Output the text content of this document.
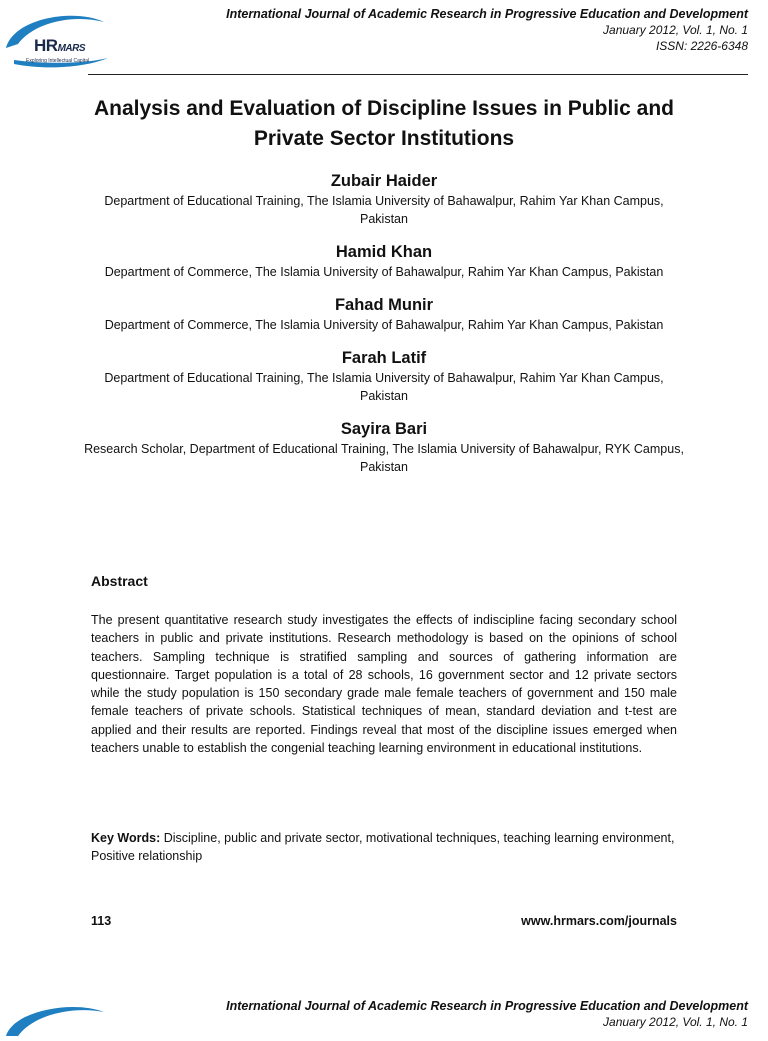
HRMARS
Exploring Intellectual Capital
International Journal of Academic Research in Progressive Education and Development
January 2012, Vol. 1, No. 1
ISSN: 2226-6348
Analysis and Evaluation of Discipline Issues in Public and Private Sector Institutions
Zubair Haider
Department of Educational Training, The Islamia University of Bahawalpur, Rahim Yar Khan Campus, Pakistan
Hamid Khan
Department of Commerce, The Islamia University of Bahawalpur, Rahim Yar Khan Campus, Pakistan
Fahad Munir
Department of Commerce, The Islamia University of Bahawalpur, Rahim Yar Khan Campus, Pakistan
Farah Latif
Department of Educational Training, The Islamia University of Bahawalpur, Rahim Yar Khan Campus, Pakistan
Sayira Bari
Research Scholar, Department of Educational Training, The Islamia University of Bahawalpur, RYK Campus, Pakistan
Abstract
The present quantitative research study investigates the effects of indiscipline facing secondary school teachers in public and private institutions. Research methodology is based on the opinions of school teachers. Sampling technique is stratified sampling and sources of gathering information are questionnaire. Target population is a total of 28 schools, 16 government sector and 12 private sectors while the study population is 150 secondary grade male female teachers of government and 150 male female teachers of private schools. Statistical techniques of mean, standard deviation and t-test are applied and their results are reported. Findings reveal that most of the discipline issues emerged when teachers unable to establish the congenial teaching learning environment in educational institutions.
Key Words: Discipline, public and private sector, motivational techniques, teaching learning environment, Positive relationship
113	www.hrmars.com/journals
International Journal of Academic Research in Progressive Education and Development
January 2012, Vol. 1, No. 1
